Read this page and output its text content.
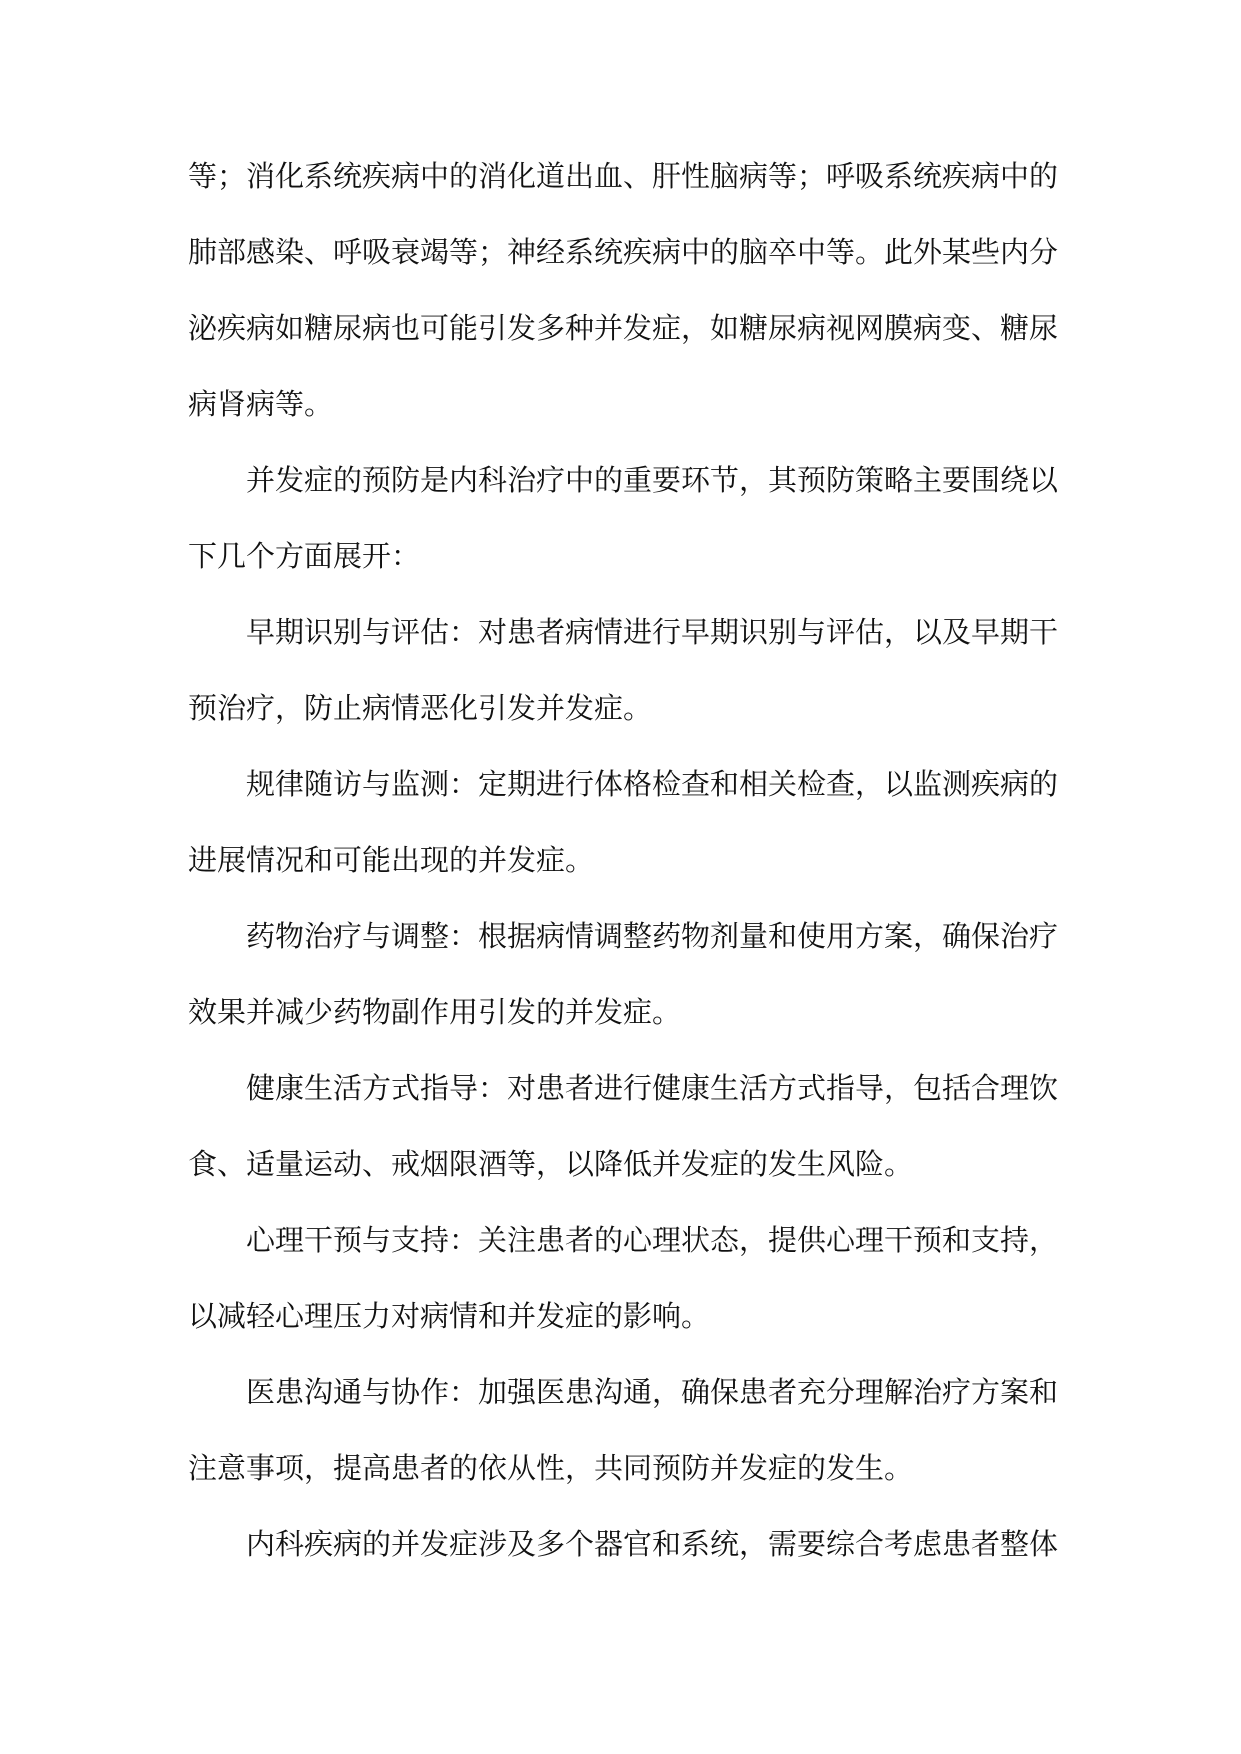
等；消化系统疾病中的消化道出血、肝性脑病等；呼吸系统疾病中的肺部感染、呼吸衰竭等；神经系统疾病中的脑卒中等。此外某些内分泌疾病如糖尿病也可能引发多种并发症，如糖尿病视网膜病变、糖尿病肾病等。

并发症的预防是内科治疗中的重要环节，其预防策略主要围绕以下几个方面展开：

早期识别与评估：对患者病情进行早期识别与评估，以及早期干预治疗，防止病情恶化引发并发症。

规律随访与监测：定期进行体格检查和相关检查，以监测疾病的进展情况和可能出现的并发症。

药物治疗与调整：根据病情调整药物剂量和使用方案，确保治疗效果并减少药物副作用引发的并发症。

健康生活方式指导：对患者进行健康生活方式指导，包括合理饮食、适量运动、戒烟限酒等，以降低并发症的发生风险。

心理干预与支持：关注患者的心理状态，提供心理干预和支持，以减轻心理压力对病情和并发症的影响。

医患沟通与协作：加强医患沟通，确保患者充分理解治疗方案和注意事项，提高患者的依从性，共同预防并发症的发生。

内科疾病的并发症涉及多个器官和系统，需要综合考虑患者整体
